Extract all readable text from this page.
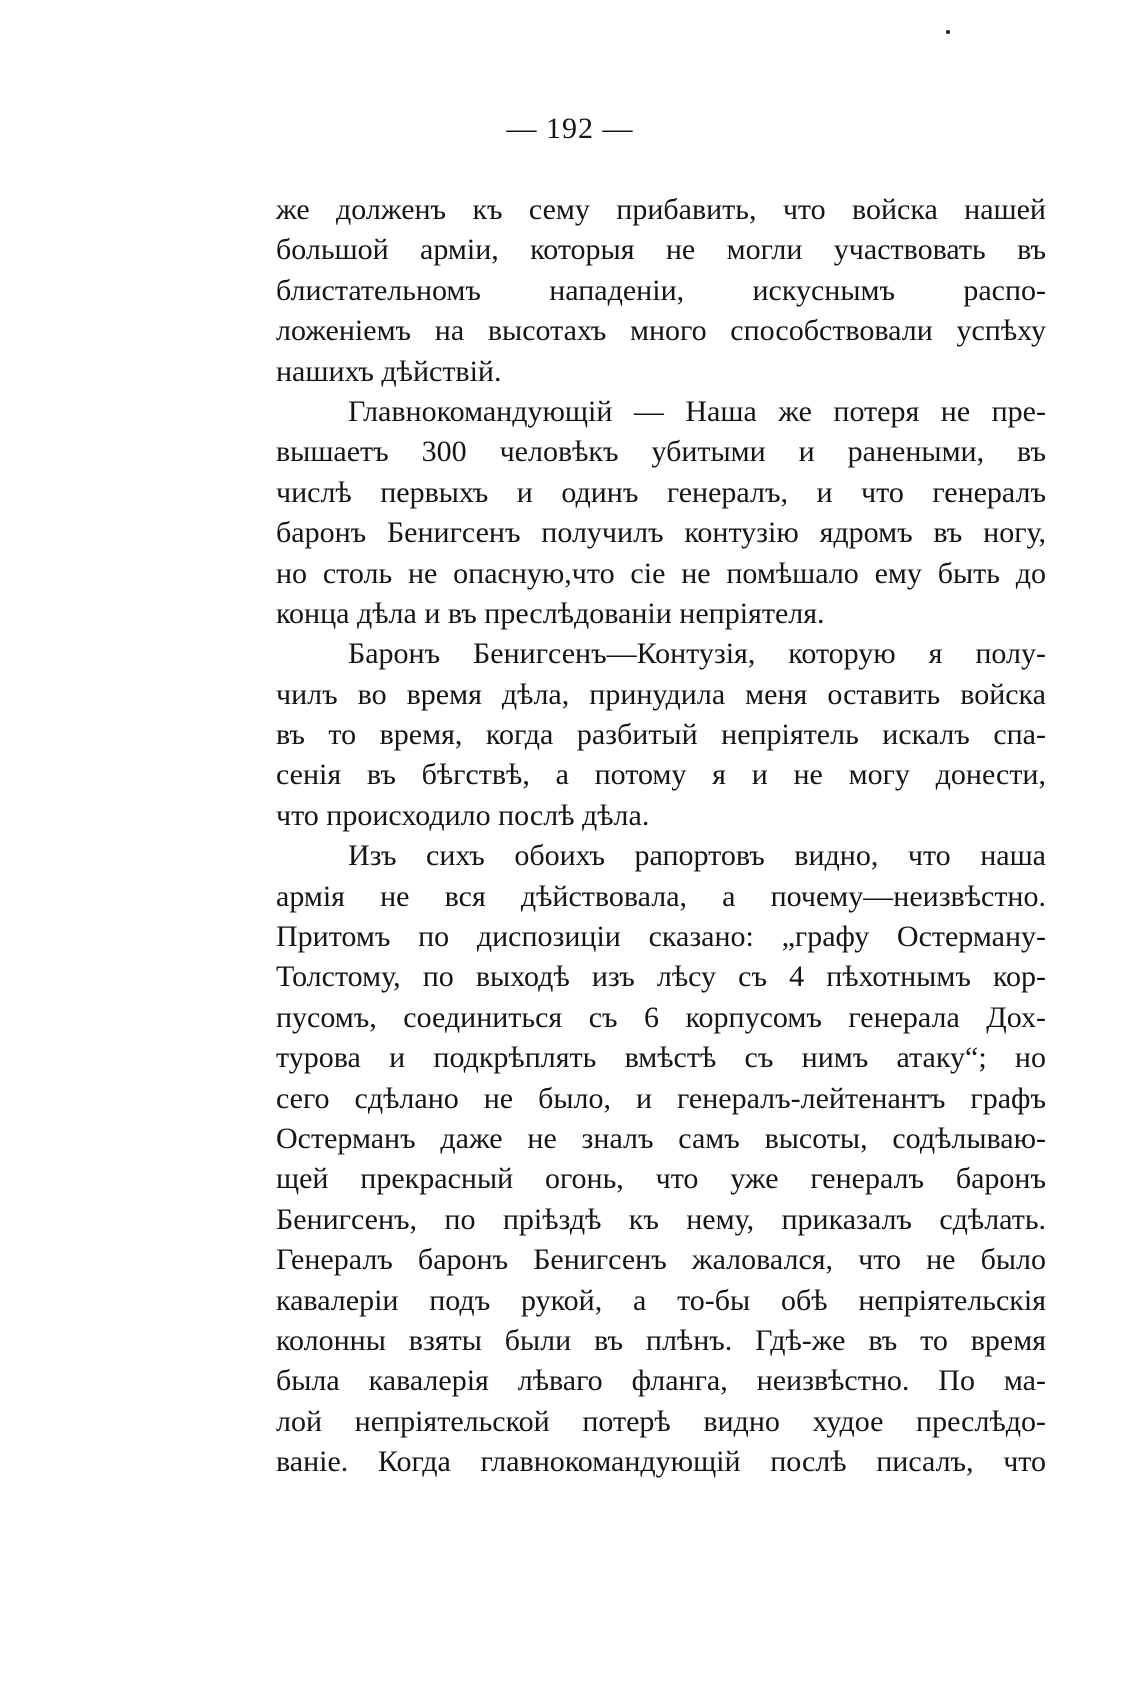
— 192 —
же долженъ къ сему прибавить, что войска нашей
большой арміи, которыя не могли участвовать въ
блистательномъ нападеніи, искуснымъ распо-
ложеніемъ на высотахъ много способствовали успѣху
нашихъ дѣйствій.
Главнокомандующій — Наша же потеря не пре-
вышаетъ 300 человѣкъ убитыми и ранеными, въ
числѣ первыхъ и одинъ генералъ, и что генералъ
баронъ Бенигсенъ получилъ контузію ядромъ въ ногу,
но столь не опасную,что сіе не помѣшало ему быть до
конца дѣла и въ преслѣдованіи непріятеля.
Баронъ Бенигсенъ—Контузія, которую я полу-
чилъ во время дѣла, принудила меня оставить войска
въ то время, когда разбитый непріятель искалъ спа-
сенія въ бѣгствѣ, а потому я и не могу донести,
что происходило послѣ дѣла.
Изъ сихъ обоихъ рапортовъ видно, что наша
армія не вся дѣйствовала, а почему—неизвѣстно.
Притомъ по диспозиціи сказано: „графу Остерману-
Толстому, по выходѣ изъ лѣсу съ 4 пѣхотнымъ кор-
пусомъ, соединиться съ 6 корпусомъ генерала Дох-
турова и подкрѣплять вмѣстѣ съ нимъ атаку“; но
сего сдѣлано не было, и генералъ-лейтенантъ графъ
Остерманъ даже не зналъ самъ высоты, содѣлываю-
щей прекрасный огонь, что уже генералъ баронъ
Бенигсенъ, по пріѣздѣ къ нему, приказалъ сдѣлать.
Генералъ баронъ Бенигсенъ жаловался, что не было
кавалеріи подъ рукой, а то-бы обѣ непріятельскія
колонны взяты были въ плѣнъ. Гдѣ-же въ то время
была кавалерія лѣваго фланга, неизвѣстно. По ма-
лой непріятельской потерѣ видно худое преслѣдо-
ваніе. Когда главнокомандующій послѣ писалъ, что
